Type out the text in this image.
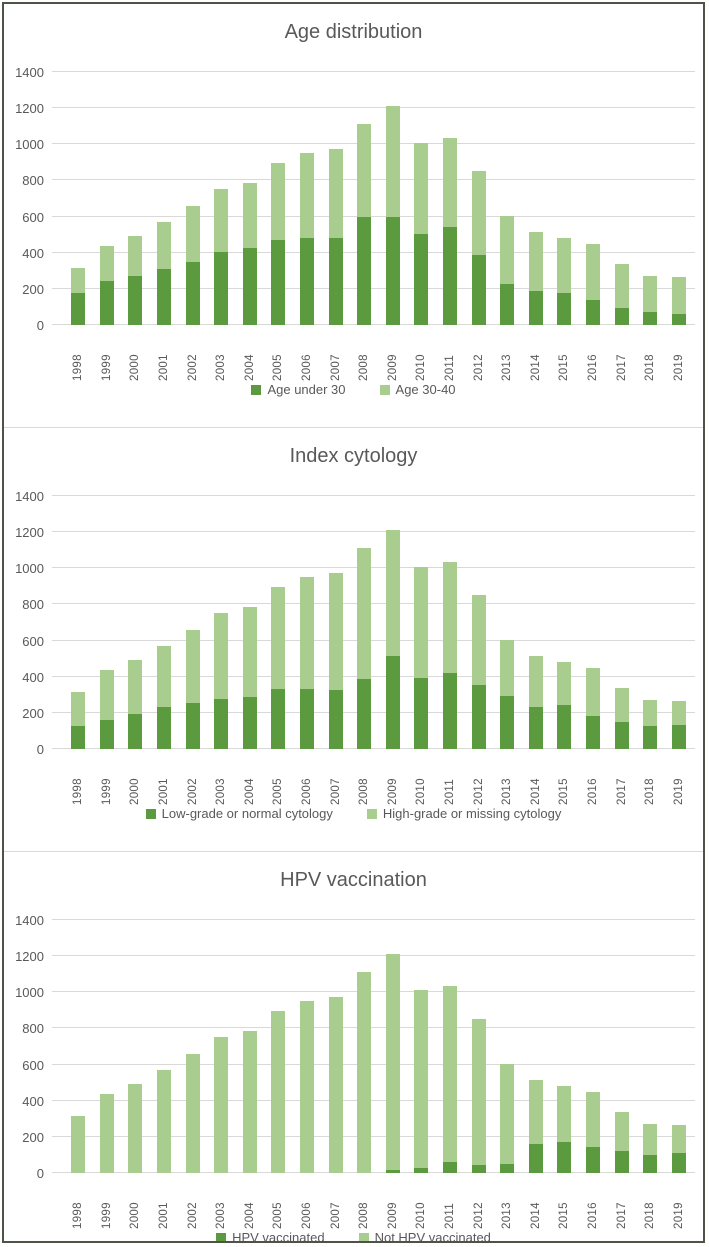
Age distribution
0
200
400
600
800
1000
1200
1400
1998 1999 2000 2001 2002 2003 2004 2005 2006 2007 2008 2009 2010 2011 2012 2013 2014 2015 2016 2017 2018 2019
Age under 30	Age 30-40
Index cytology
0
200
400
600
800
1000
1200
1400
1998 1999 2000 2001 2002 2003 2004 2005 2006 2007 2008 2009 2010 2011 2012 2013 2014 2015 2016 2017 2018 2019
Low-grade or normal cytology	High-grade or missing cytology
HPV vaccination
0
200
400
600
800
1000
1200
1400
1998 1999 2000 2001 2002 2003 2004 2005 2006 2007 2008 2009 2010 2011 2012 2013 2014 2015 2016 2017 2018 2019
HPV vaccinated	Not HPV vaccinated
